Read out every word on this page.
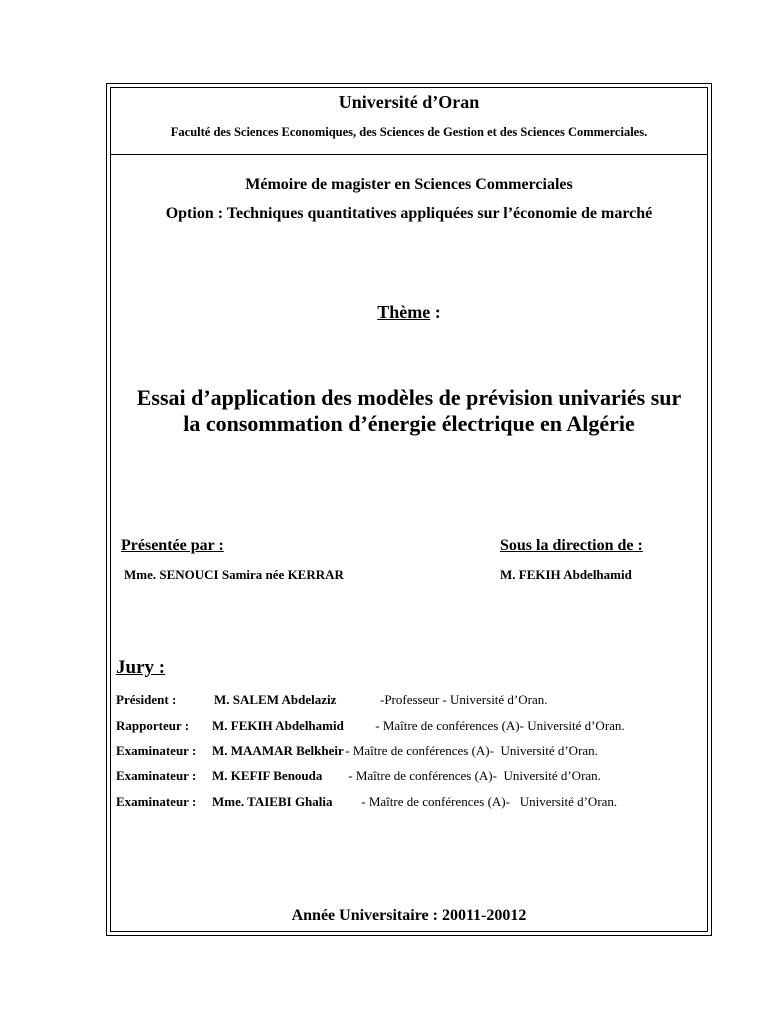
Université d’Oran
Faculté des Sciences Economiques, des Sciences de Gestion et des Sciences Commerciales.
Mémoire de magister en Sciences Commerciales
Option : Techniques quantitatives appliquées sur l’économie de marché
Thème :
Essai d’application des modèles de prévision univariés sur
la consommation d’énergie électrique en Algérie
Présentée par :
Mme. SENOUCI Samira née KERRAR
Sous la direction de :
M. FEKIH Abdelhamid
Jury :
Président :	M. SALEM Abdelaziz	-Professeur - Université d’Oran.
Rapporteur : M. FEKIH Abdelhamid - Maître de conférences (A)- Université d’Oran.
Examinateur : M. MAAMAR Belkheir
- Maître de conférences (A)-  Université d’Oran.
Examinateur : M. KEFIF Benouda - Maître de conférences (A)-  Université d’Oran.
Examinateur : Mme. TAIEBI Ghalia - Maître de conférences (A)-   Université d’Oran.
Année Universitaire : 20011-20012
